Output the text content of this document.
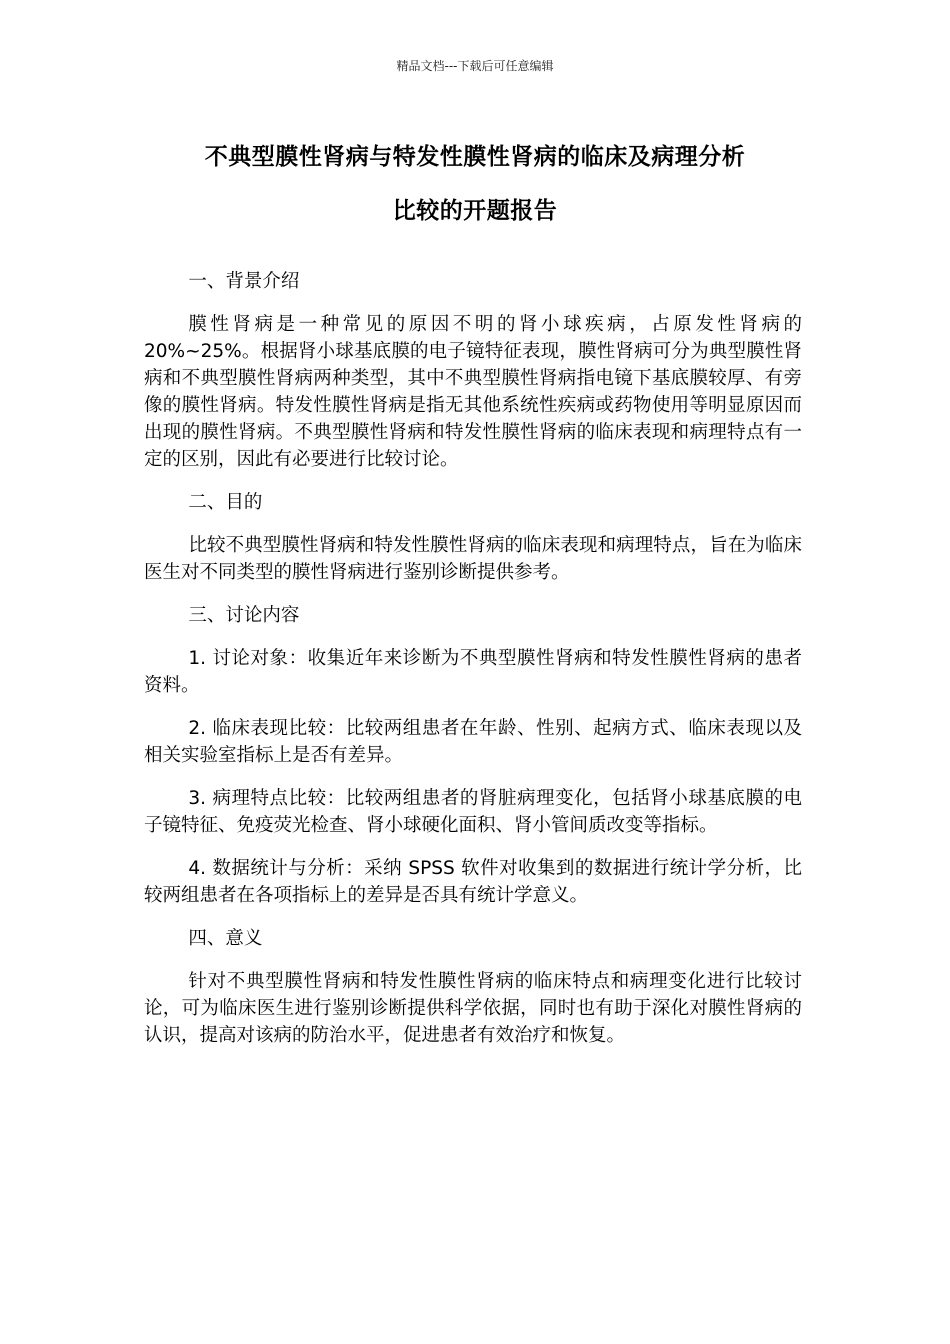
精品文档---下载后可任意编辑
不典型膜性肾病与特发性膜性肾病的临床及病理分析
比较的开题报告

一、背景介绍

膜性肾病是一种常见的原因不明的肾小球疾病，占原发性肾病的20%~25%。根据肾小球基底膜的电子镜特征表现，膜性肾病可分为典型膜性肾病和不典型膜性肾病两种类型，其中不典型膜性肾病指电镜下基底膜较厚、有旁像的膜性肾病。特发性膜性肾病是指无其他系统性疾病或药物使用等明显原因而出现的膜性肾病。不典型膜性肾病和特发性膜性肾病的临床表现和病理特点有一定的区别，因此有必要进行比较讨论。

二、目的

比较不典型膜性肾病和特发性膜性肾病的临床表现和病理特点，旨在为临床医生对不同类型的膜性肾病进行鉴别诊断提供参考。

三、讨论内容

1. 讨论对象：收集近年来诊断为不典型膜性肾病和特发性膜性肾病的患者资料。

2. 临床表现比较：比较两组患者在年龄、性别、起病方式、临床表现以及相关实验室指标上是否有差异。

3. 病理特点比较：比较两组患者的肾脏病理变化，包括肾小球基底膜的电子镜特征、免疫荧光检查、肾小球硬化面积、肾小管间质改变等指标。

4. 数据统计与分析：采纳 SPSS 软件对收集到的数据进行统计学分析，比较两组患者在各项指标上的差异是否具有统计学意义。

四、意义

针对不典型膜性肾病和特发性膜性肾病的临床特点和病理变化进行比较讨论，可为临床医生进行鉴别诊断提供科学依据，同时也有助于深化对膜性肾病的认识，提高对该病的防治水平，促进患者有效治疗和恢复。
